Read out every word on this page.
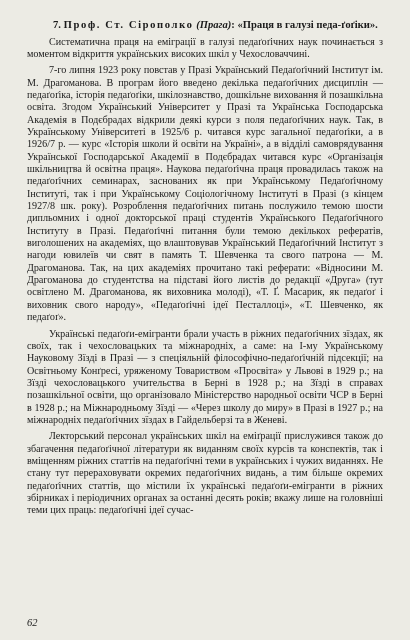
7. Проф. Ст. Сірополко (Прага): «Праця в галузі педа-ґоґіки».

Систематична праця на еміграції в галузі педаґоґічних наук починається з моментом відкриття українських високих шкіл у Чехословаччині.

7-го липня 1923 року повстав у Празі Український Педаґоґічний Інститут ім. М. Драгоманова. В програм його введено декілька педаґоґічних дисциплін — педаґоґіка, історія педаґоґіки, шкілознавство, дошкільне виховання й позашкільна освіта. Згодом Український Університет у Празі та Українська Господарська Академія в Подєбрадах відкрили деякі курси з поля педаґоґічних наук. Так, в Українському Університеті в 1925/6 р. читався курс загальної педаґоґіки, а в 1926/7 р. — курс «Історія школи й освіти на Україні», а в відділі самоврядування Української Господарської Академії в Подєбрадах читався курс «Організація шкільництва й освітна праця». Наукова педаґоґічна праця провадилась також на педаґоґічних семинарах, заснованих як при Українському Педаґоґічному Інституті, так і при Українському Соціологічному Інституті в Празі (з кінцем 1927/8 шк. року). Розроблення педаґоґічних питань послужило темою шости дипльомних і одної докторської праці студентів Українського Педаґоґічного Інституту в Празі. Педаґоґічні питання були темою декількох рефератів, виголошених на академіях, що влаштовував Український Педаґоґічний Інститут з нагоди ювилеїв чи свят в память Т. Шевченка та свого патрона — М. Драгоманова. Так, на цих академіях прочитано такі реферати: «Відносини М. Драгоманова до студентства на підставі його листів до редакції «Друга» (тут освітлено М. Драгоманова, як виховника молоді), «Т. Ґ. Масарик, як педаґоґ і виховник свого народу», «Педаґоґічні ідеї Песталлоці», «Т. Шевченко, як педаґоґ».

Українські педаґоґи-емігранти брали участь в ріжних педаґоґічних зїздах, як своїх, так і чехословацьких та міжнародніх, а саме: на I-му Українському Науковому Зїзді в Празі — з спеціяльній філософічно-педаґоґічній підсекції; на Освітньому Конґресі, уряженому Товариством «Просвіта» у Львові в 1929 р.; на Зїзді чехословацького учительства в Берні в 1928 р.; на Зїзді в справах позашкільної освіти, що організовало Міністерство народньої освіти ЧСР в Берні в 1928 р.; на Міжнародньому Зїзді — «Через школу до миру» в Празі в 1927 р.; на міжнародніх педаґоґічних зїздах в Гайдельберзі та в Женеві.

Лекторський персонал українських шкіл на еміґрації прислужився також до збагачення педаґоґічної літератури як виданням своїх курсів та конспектів, так і вміщенням ріжних статтів на педаґоґічні теми в українських і чужих виданнях. Не стану тут перераховувати окремих педаґоґічних видань, а тим більше окремих педаґоґічних статтів, що містили їх українські педаґоґи-емігранти в ріжних збірниках і періодичних органах за останні десять років; вкажу лише на головніші теми цих праць: педаґоґічні ідеї сучас-

62
